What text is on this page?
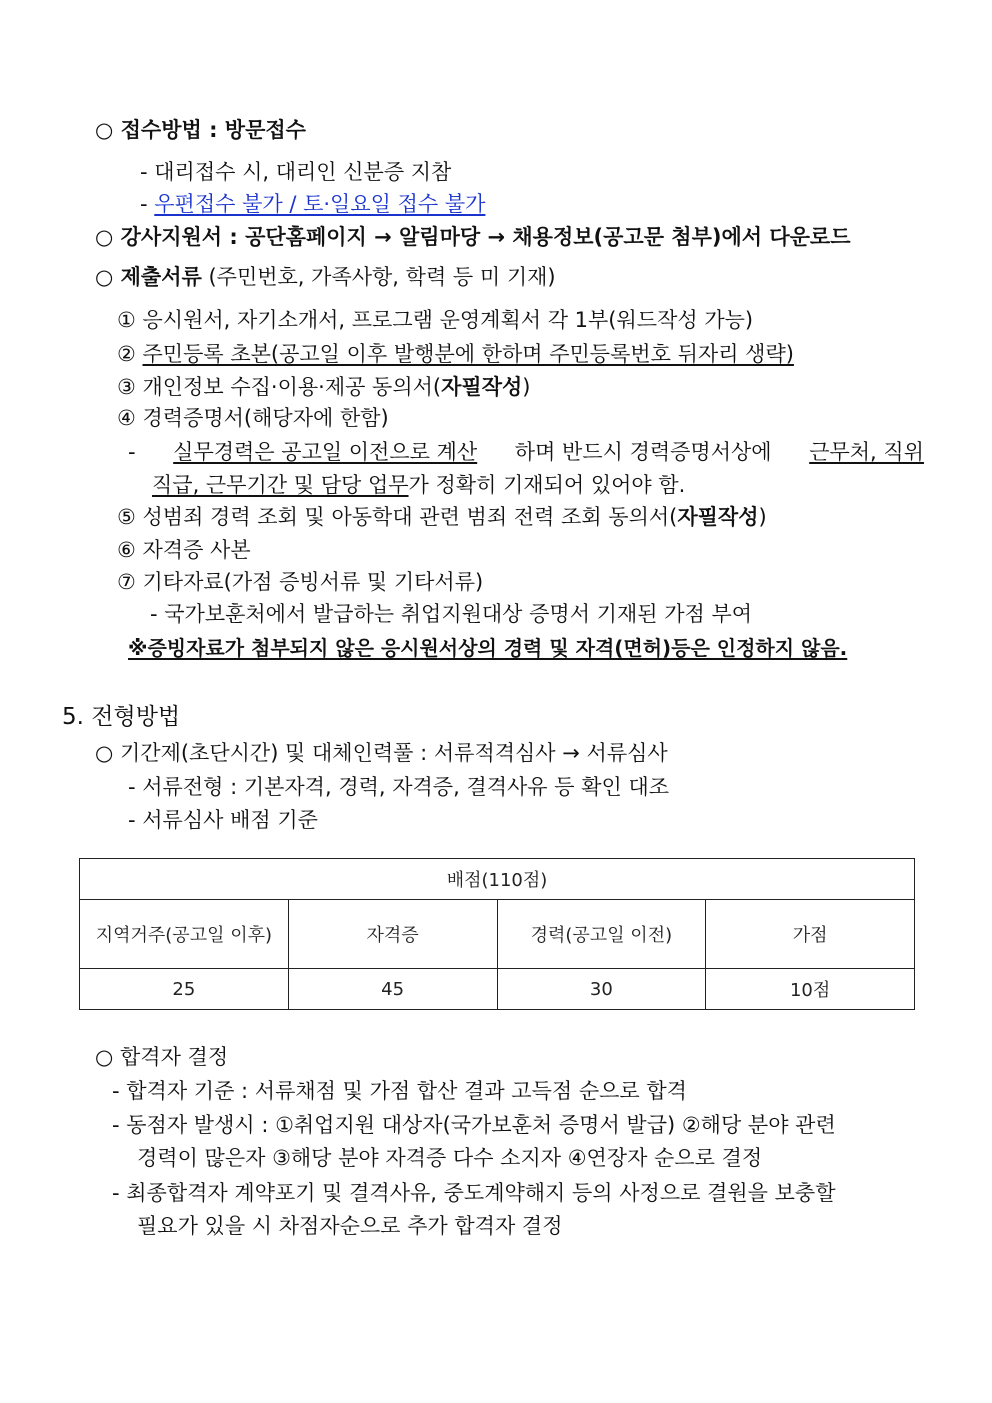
○ 접수방법 : 방문접수
- 대리접수 시, 대리인 신분증 지참
- 우편접수 불가 / 토·일요일 접수 불가
○ 강사지원서 : 공단홈페이지 → 알림마당 → 채용정보(공고문 첨부)에서 다운로드
○ 제출서류 (주민번호, 가족사항, 학력 등 미 기재)
① 응시원서, 자기소개서, 프로그램 운영계획서 각 1부(워드작성 가능)
② 주민등록 초본(공고일 이후 발행분에 한하며 주민등록번호 뒤자리 생략)
③ 개인정보 수집·이용·제공 동의서(자필작성)
④ 경력증명서(해당자에 한함)
- 실무경력은 공고일 이전으로 계산 하며 반드시 경력증명서상에 근무처, 직위
직급, 근무기간 및 담당 업무가 정확히 기재되어 있어야 함.
⑤ 성범죄 경력 조회 및 아동학대 관련 범죄 전력 조회 동의서(자필작성)
⑥ 자격증 사본
⑦ 기타자료(가점 증빙서류 및 기타서류)
- 국가보훈처에서 발급하는 취업지원대상 증명서 기재된 가점 부여
※증빙자료가 첨부되지 않은 응시원서상의 경력 및 자격(면허)등은 인정하지 않음.
5. 전형방법
○ 기간제(초단시간) 및 대체인력풀 : 서류적격심사 → 서류심사
- 서류전형 : 기본자격, 경력, 자격증, 결격사유 등 확인 대조
- 서류심사 배점 기준
배점(110점)			
지역거주(공고일 이후)	자격증	경력(공고일 이전)	가점
25	45	30	10점
○ 합격자 결정
- 합격자 기준 : 서류채점 및 가점 합산 결과 고득점 순으로 합격
- 동점자 발생시 : ①취업지원 대상자(국가보훈처 증명서 발급) ②해당 분야 관련
경력이 많은자 ③해당 분야 자격증 다수 소지자 ④연장자 순으로 결정
- 최종합격자 계약포기 및 결격사유, 중도계약해지 등의 사정으로 결원을 보충할
필요가 있을 시 차점자순으로 추가 합격자 결정
